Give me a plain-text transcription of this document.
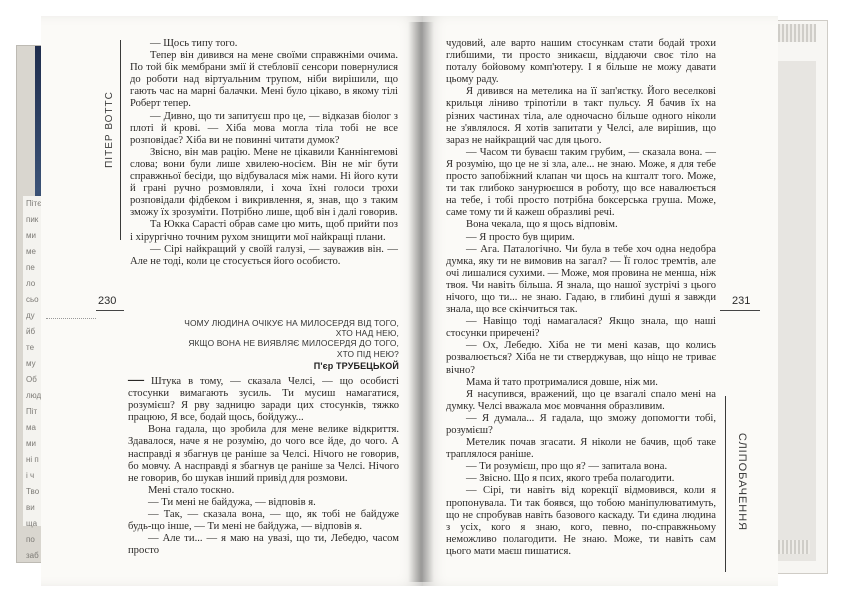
Пітє
пик
ми
ме
пе
ло
сьо
ду
йб
те
му
Об
люд
Піт
ма
ми
ні п
і ч
Тво
ви
ща
по
заб
ПІТЕР ВОТТС

— Щось типу того.

Тепер він дивився на мене своїми справжніми очима. По той бік мембрани змії й стебловії сенсори повернулися до роботи над віртуальним трупом, ніби вирішили, що гають час на марні балачки. Мені було цікаво, в якому тілі Роберт тепер.

— Дивно, що ти запитуєш про це, — відказав біолог з плоті й крові. — Хіба мова могла тіла тобі не все розповідає? Хіба ви не повинні читати думок?

Звісно, він мав рацію. Мене не цікавили Каннінгемові слова; вони були лише хвилею-носієм. Він не міг бути справжньої бесіди, що відбувалася між нами. Ні його кути й грані ручно розмовляли, і хоча їхні голоси трохи розповідали фідбеком і викривлення, я, знав, що з таким зможу їх зрозуміти. Потрібно лише, щоб він і далі говорив.

Та Юкка Сарасті обрав саме цю мить, щоб прийти поз і хірургічно точним рухом знищити мої найкращі плани.

— Сірі найкращий у своїй галузі, — зауважив він. — Але не тоді, коли це стосується його особисто.

230
ЧОМУ ЛЮДИНА ОЧІКУЄ НА МИЛОСЕРДЯ ВІД ТОГО, ХТО НАД НЕЮ,
ЯКЩО ВОНА НЕ ВИЯВЛЯЄ МИЛОСЕРДЯ ДО ТОГО, ХТО ПІД НЕЮ?
П'єр ТРУБЕЦЬКОЙ

— Штука в тому, — сказала Челсі, — що особисті стосунки вимагають зусиль. Ти мусиш намагатися, розумієш? Я рву задницю заради цих стосунків, тяжко працюю, Я все, бодай щось, бойдужу...

Вона гадала, що зробила для мене велике відкриття. Здавалося, наче я не розумію, до чого все йде, до чого. А насправді я збагнув це раніше за Челсі. Нічого не говорив, бо мовчу. А насправді я збагнув це раніше за Челсі. Нічого не говорив, бо шукав інший привід для розмови.

Мені стало тоскно.

— Ти мені не байдужа, — відповів я.

— Так, — сказала вона, — що, як тобі не байдуже будь-що інше, — Ти мені не байдужа, — відповів я.

— Але ти... — я маю на увазі, що ти, Лебедю, часом просто

чудовий, але варто нашим стосункам стати бодай трохи глибшими, ти просто зникаєш, віддаючи своє тіло на поталу бойовому комп'ютеру. І я більше не можу давати цьому раду.

Я дивився на метелика на її зап'ястку. Його веселкові крильця ліниво тріпотіли в такт пульсу. Я бачив їх на різних частинах тіла, але одночасно більше одного ніколи не з'являлося. Я хотів запитати у Челсі, але вирішив, що зараз не найкращий час для цього.

— Часом ти буваєш таким грубим, — сказала вона. — Я розумію, що це не зі зла, але... не знаю. Може, я для тебе просто запобіжний клапан чи щось на кшталт того. Може, ти так глибоко занурюєшся в роботу, що все навалюється на тебе, і тобі просто потрібна боксерська груша. Може, саме тому ти й кажеш образливі речі.

Вона чекала, що я щось відповім.

— Я просто був щирим.

— Ага. Паталогічно. Чи була в тебе хоч одна недобра думка, яку ти не вимовив на загал? — Її голос тремтів, але очі лишалися сухими. — Може, моя провина не менша, ніж твоя. Чи навіть більша. Я знала, що нашої зустрічі з цього нічого, що ти... не знаю. Гадаю, в глибині душі я завжди знала, що все скінчиться так.

— Навіщо тоді намагалася? Якщо знала, що наші стосунки приречені?

— Ох, Лебедю. Хіба не ти мені казав, що колись розвалюється? Хіба не ти стверджував, що ніщо не триває вічно?

Мама й тато протрималися довше, ніж ми.

Я насупився, вражений, що це взагалі спало мені на думку. Челсі вважала моє мовчання образливим.

— Я думала... Я гадала, що зможу допомогти тобі, розумієш?

Метелик почав згасати. Я ніколи не бачив, щоб таке траплялося раніше.

— Ти розумієш, про що я? — запитала вона.

— Звісно. Що я псих, якого треба полагодити.

— Сірі, ти навіть від корекції відмовився, коли я пропонувала. Ти так боявся, що тобою маніпулюватимуть, що не спробував навіть базового каскаду. Ти єдина людина з усіх, кого я знаю, кого, певно, по-справжньому неможливо полагодити. Не знаю. Може, ти навіть сам цього мати маєш пишатися.

231
СЛІПОБАЧЕННЯ
